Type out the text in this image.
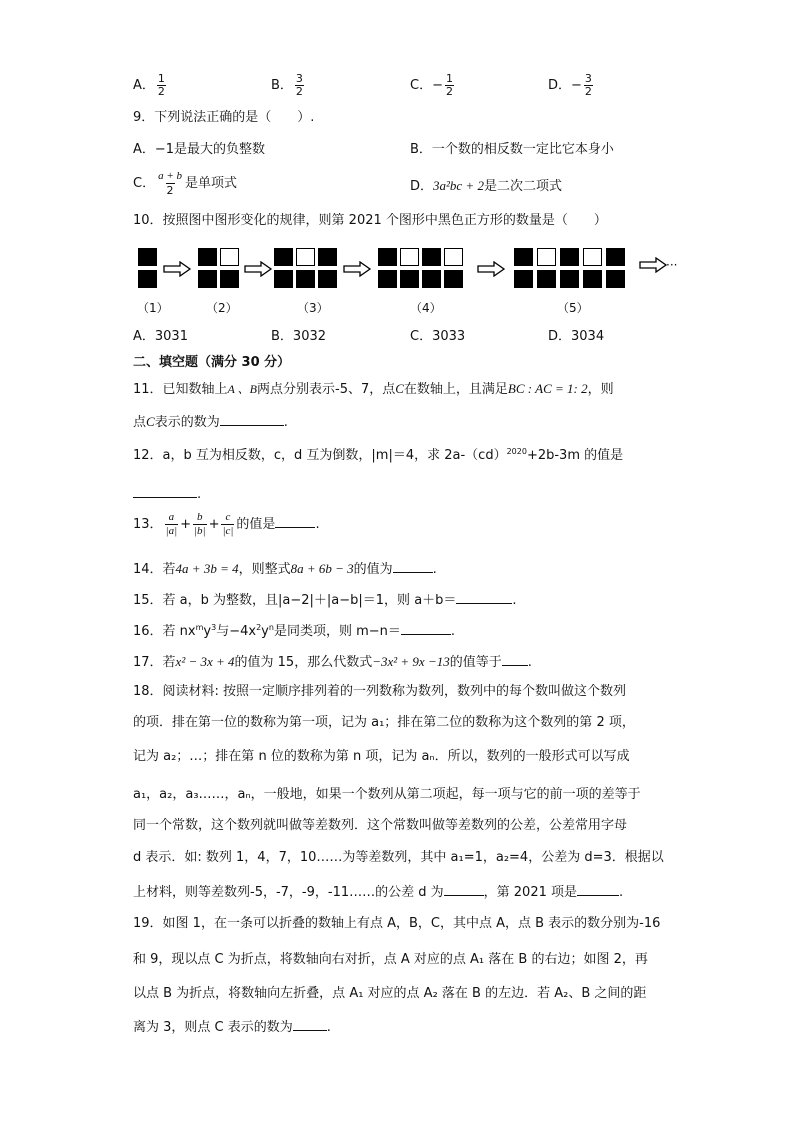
A． $\frac{1}{2}$	B． $\frac{3}{2}$	C．− $\frac{1}{2}$	D．− $\frac{3}{2}$
9．下列说法正确的是（　　）.
A．−1是最大的负整数	B．一个数的相反数一定比它本身小
C． $\frac{a + b}{2}$ 是单项式	D．3a²bc + 2是二次二项式
10．按照图中图形变化的规律，则第 2021 个图形中黑色正方形的数量是（　　）
···
（1）	（2）	（3）	（4）	（5）
A．3031	B．3032	C．3033	D．3034
二、填空题（满分 30 分）
11．已知数轴上A 、B两点分别表示-5、7，点C在数轴上，且满足BC : AC = 1: 2，则
点C表示的数为	.
12．a，b 互为相反数，c，d 互为倒数，|m|＝4，求 2a-（cd）$^{2020}$+2b-3m 的值是
.
13． $\frac{a}{|a|} + \frac{b}{|b|} + \frac{c}{|c|}$ 的值是	.
14．若4a + 3b = 4，则整式8a + 6b − 3的值为	.
15．若 a，b 为整数，且|a−2|＋|a−b|＝1，则 a＋b＝	.
16．若 $nx^my^3$与$-4x^2y^n$是同类项，则 m−n＝	.
17．若x² − 3x + 4的值为 15，那么代数式−3x² + 9x −13的值等于 .
18．阅读材料: 按照一定顺序排列着的一列数称为数列，数列中的每个数叫做这个数列
的项．排在第一位的数称为第一项，记为 a₁；排在第二位的数称为这个数列的第 2 项，
记为 a₂；…；排在第 n 位的数称为第 n 项，记为 aₙ．所以，数列的一般形式可以写成
a₁，a₂，a₃……，aₙ，一般地，如果一个数列从第二项起，每一项与它的前一项的差等于
同一个常数，这个数列就叫做等差数列．这个常数叫做等差数列的公差，公差常用字母
d 表示．如: 数列 1，4，7，10……为等差数列，其中 a₁=1，a₂=4，公差为 d=3．根据以
上材料，则等差数列-5，-7，-9，-11……的公差 d 为	，第 2021 项是	.
19．如图 1，在一条可以折叠的数轴上有点 A，B，C，其中点 A，点 B 表示的数分别为-16
和 9，现以点 C 为折点，将数轴向右对折，点 A 对应的点 A₁ 落在 B 的右边；如图 2，再
以点 B 为折点，将数轴向左折叠，点 A₁ 对应的点 A₂ 落在 B 的左边．若 A₂、B 之间的距
离为 3，则点 C 表示的数为	.
